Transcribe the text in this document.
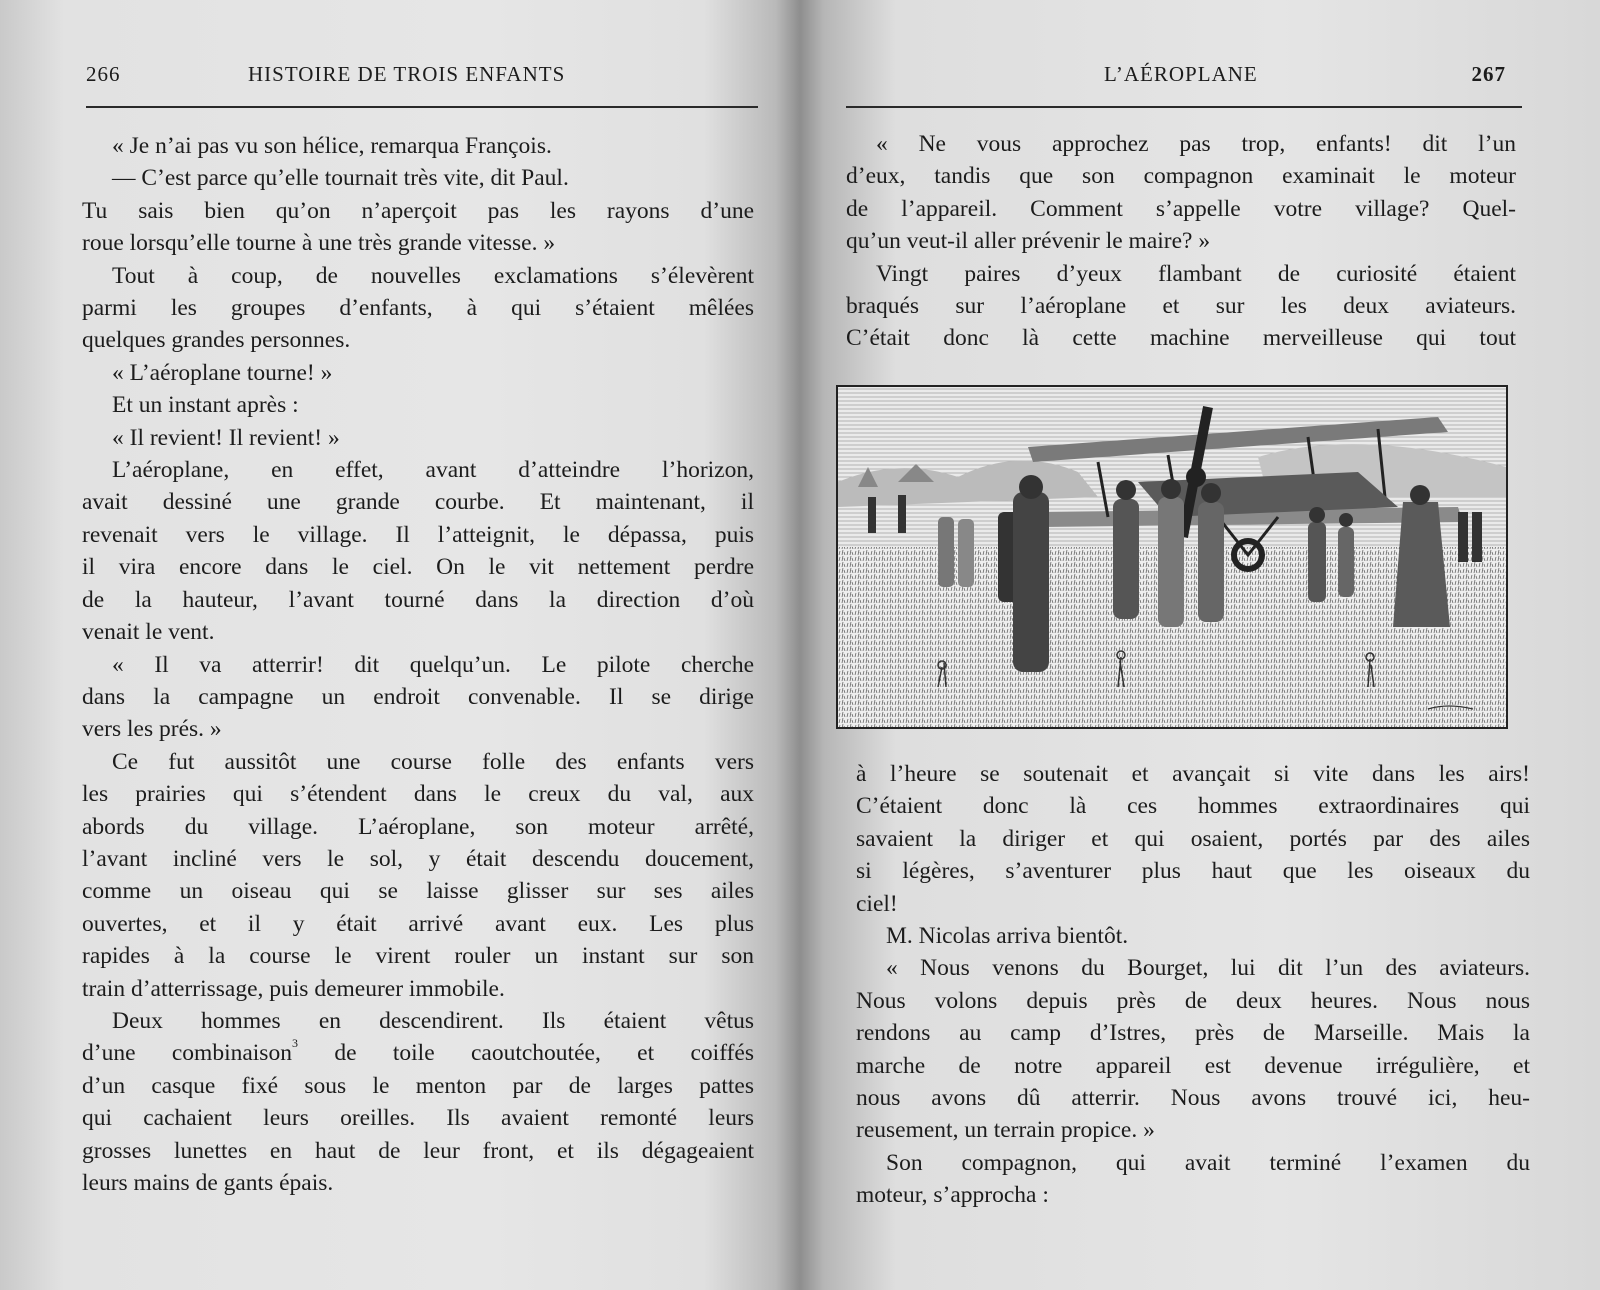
266	HISTOIRE DE TROIS ENFANTS
« Je n’ai pas vu son hélice, remarqua François.
— C’est parce qu’elle tournait très vite, dit Paul.
Tu sais bien qu’on n’aperçoit pas les rayons d’une
roue lorsqu’elle tourne à une très grande vitesse. »
Tout à coup, de nouvelles exclamations s’élevèrent
parmi les groupes d’enfants, à qui s’étaient mêlées
quelques grandes personnes.
« L’aéroplane tourne! »
Et un instant après :
« Il revient! Il revient! »
L’aéroplane, en effet, avant d’atteindre l’horizon,
avait dessiné une grande courbe. Et maintenant, il
revenait vers le village. Il l’atteignit, le dépassa, puis
il vira encore dans le ciel. On le vit nettement perdre
de la hauteur, l’avant tourné dans la direction d’où
venait le vent.
« Il va atterrir! dit quelqu’un. Le pilote cherche
dans la campagne un endroit convenable. Il se dirige
vers les prés. »
Ce fut aussitôt une course folle des enfants vers
les prairies qui s’étendent dans le creux du val, aux
abords du village. L’aéroplane, son moteur arrêté,
l’avant incliné vers le sol, y était descendu doucement,
comme un oiseau qui se laisse glisser sur ses ailes
ouvertes, et il y était arrivé avant eux. Les plus
rapides à la course le virent rouler un instant sur son
train d’atterrissage, puis demeurer immobile.
Deux hommes en descendirent. Ils étaient vêtus
d’une combinaison$^3$ de toile caoutchoutée, et coiffés
d’un casque fixé sous le menton par de larges pattes
qui cachaient leurs oreilles. Ils avaient remonté leurs
grosses lunettes en haut de leur front, et ils dégageaient
leurs mains de gants épais.
L’AÉROPLANE	267
« Ne vous approchez pas trop, enfants! dit l’un
d’eux, tandis que son compagnon examinait le moteur
de l’appareil. Comment s’appelle votre village? Quel-
qu’un veut-il aller prévenir le maire? »
Vingt paires d’yeux flambant de curiosité étaient
braqués sur l’aéroplane et sur les deux aviateurs.
C’était donc là cette machine merveilleuse qui tout
à l’heure se soutenait et avançait si vite dans les airs!
C’étaient donc là ces hommes extraordinaires qui
savaient la diriger et qui osaient, portés par des ailes
si légères, s’aventurer plus haut que les oiseaux du
ciel!
M. Nicolas arriva bientôt.
« Nous venons du Bourget, lui dit l’un des aviateurs.
Nous volons depuis près de deux heures. Nous nous
rendons au camp d’Istres, près de Marseille. Mais la
marche de notre appareil est devenue irrégulière, et
nous avons dû atterrir. Nous avons trouvé ici, heu-
reusement, un terrain propice. »
Son compagnon, qui avait terminé l’examen du
moteur, s’approcha :
